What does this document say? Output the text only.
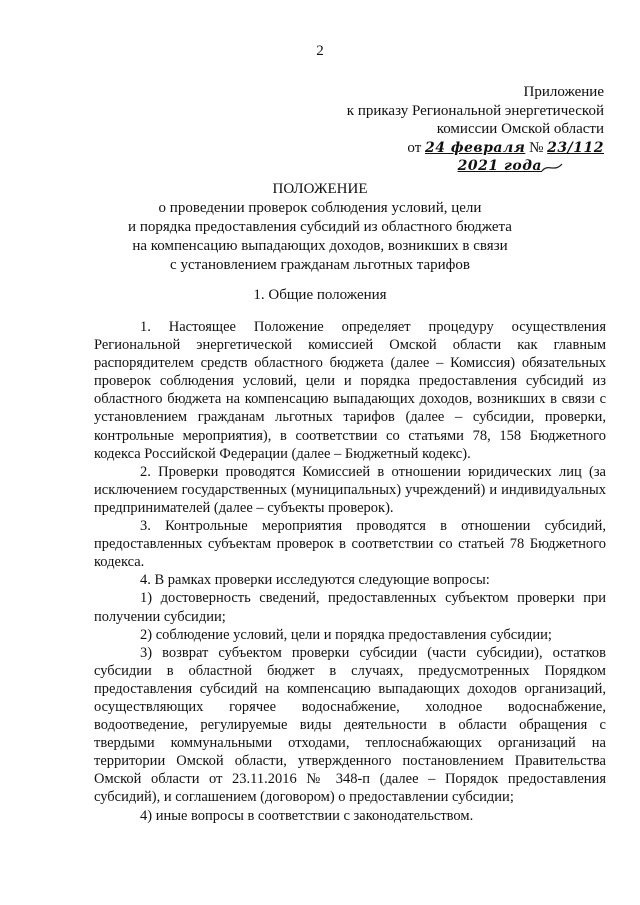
2
Приложение
к приказу Региональной энергетической
комиссии Омской области
от 24 февраля № 23/112
2021 года
ПОЛОЖЕНИЕ
о проведении проверок соблюдения условий, цели
и порядка предоставления субсидий из областного бюджета
на компенсацию выпадающих доходов, возникших в связи
с установлением гражданам льготных тарифов
1. Общие положения

1. Настоящее Положение определяет процедуру осуществления Региональной энергетической комиссией Омской области как главным распорядителем средств областного бюджета (далее – Комиссия) обязательных проверок соблюдения условий, цели и порядка предоставления субсидий из областного бюджета на компенсацию выпадающих доходов, возникших в связи с установлением гражданам льготных тарифов (далее – субсидии, проверки, контрольные мероприятия), в соответствии со статьями 78, 158 Бюджетного кодекса Российской Федерации (далее – Бюджетный кодекс).

2. Проверки проводятся Комиссией в отношении юридических лиц (за исключением государственных (муниципальных) учреждений) и индивидуальных предпринимателей (далее – субъекты проверок).

3. Контрольные мероприятия проводятся в отношении субсидий, предоставленных субъектам проверок в соответствии со статьей 78 Бюджетного кодекса.

4. В рамках проверки исследуются следующие вопросы:

1) достоверность сведений, предоставленных субъектом проверки при получении субсидии;

2) соблюдение условий, цели и порядка предоставления субсидии;

3) возврат субъектом проверки субсидии (части субсидии), остатков субсидии в областной бюджет в случаях, предусмотренных Порядком предоставления субсидий на компенсацию выпадающих доходов организаций, осуществляющих горячее водоснабжение, холодное водоснабжение, водоотведение, регулируемые виды деятельности в области обращения с твердыми коммунальными отходами, теплоснабжающих организаций на территории Омской области, утвержденного постановлением Правительства Омской области от 23.11.2016 № 348-п (далее – Порядок предоставления субсидий), и соглашением (договором) о предоставлении субсидии;

4) иные вопросы в соответствии с законодательством.
